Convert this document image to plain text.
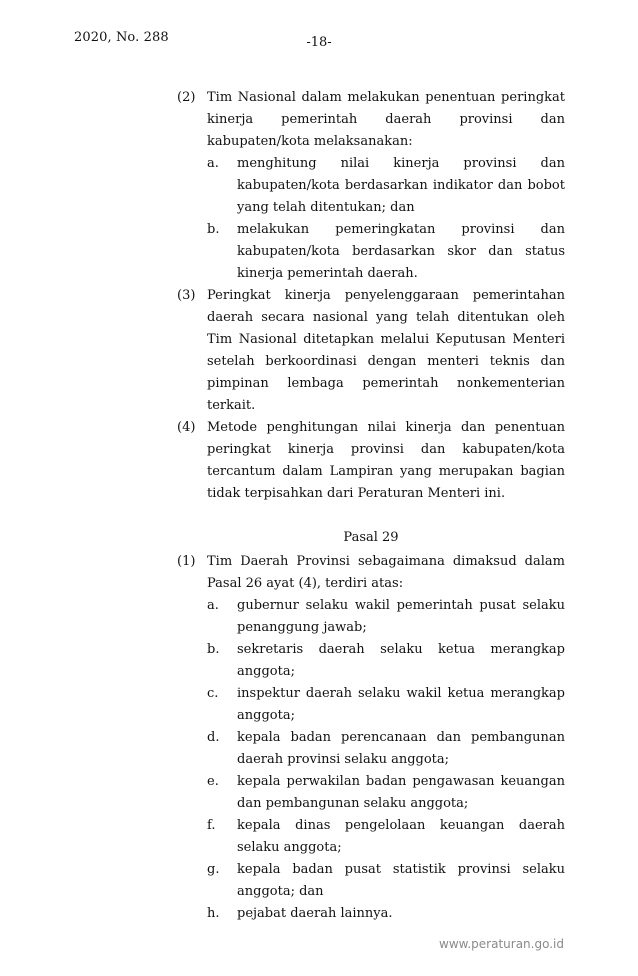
2020, No. 288	-18-
(2) Tim Nasional dalam melakukan penentuan peringkat kinerja pemerintah daerah provinsi dan kabupaten/kota melaksanakan:
a.	menghitung nilai kinerja provinsi dan kabupaten/kota berdasarkan indikator dan bobot yang telah ditentukan; dan
b.	melakukan pemeringkatan provinsi dan kabupaten/kota berdasarkan skor dan status kinerja pemerintah daerah.
(3) Peringkat kinerja penyelenggaraan pemerintahan daerah secara nasional yang telah ditentukan oleh Tim Nasional ditetapkan melalui Keputusan Menteri setelah berkoordinasi dengan menteri teknis dan pimpinan lembaga pemerintah nonkementerian terkait.
(4) Metode penghitungan nilai kinerja dan penentuan peringkat kinerja provinsi dan kabupaten/kota tercantum dalam Lampiran yang merupakan bagian tidak terpisahkan dari Peraturan Menteri ini.
Pasal 29
(1) Tim Daerah Provinsi sebagaimana dimaksud dalam Pasal 26 ayat (4), terdiri atas:
a.	gubernur selaku wakil pemerintah pusat selaku penanggung jawab;
b.	sekretaris daerah selaku ketua merangkap anggota;
c.	inspektur daerah selaku wakil ketua merangkap anggota;
d.	kepala badan perencanaan dan pembangunan daerah provinsi selaku anggota;
e.	kepala perwakilan badan pengawasan keuangan dan pembangunan selaku anggota;
f.	kepala dinas pengelolaan keuangan daerah selaku anggota;
g.	kepala badan pusat statistik provinsi selaku anggota; dan
h.	pejabat daerah lainnya.
www.peraturan.go.id
